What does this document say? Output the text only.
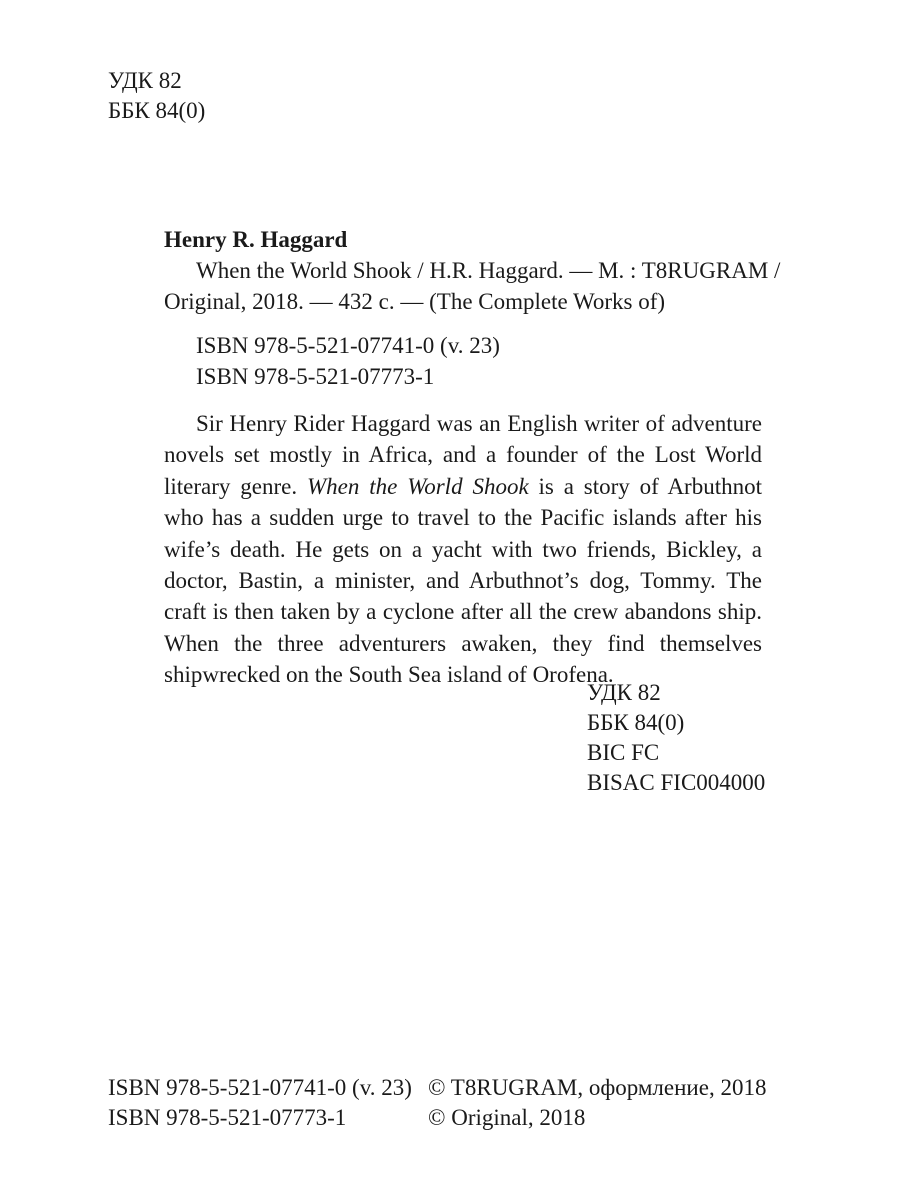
УДК 82
ББК 84(0)
Henry R. Haggard
When the World Shook / H.R. Haggard. — M. : T8RUGRAM /
Original, 2018. — 432 с. — (The Complete Works of)
ISBN 978-5-521-07741-0 (v. 23)
ISBN 978-5-521-07773-1
Sir Henry Rider Haggard was an English writer of adventure novels set mostly in Africa, and a founder of the Lost World literary genre. When the World Shook is a story of Arbuthnot who has a sudden urge to travel to the Pacific islands after his wife’s death. He gets on a yacht with two friends, Bickley, a doctor, Bastin, a minister, and Arbuthnot’s dog, Tommy. The craft is then taken by a cyclone after all the crew abandons ship. When the three adventurers awaken, they find themselves shipwrecked on the South Sea island of Orofena.
УДК 82
ББК 84(0)
BIC FC
BISAC FIC004000
ISBN 978-5-521-07741-0 (v. 23) © T8RUGRAM, оформление, 2018
ISBN 978-5-521-07773-1	© Original, 2018
